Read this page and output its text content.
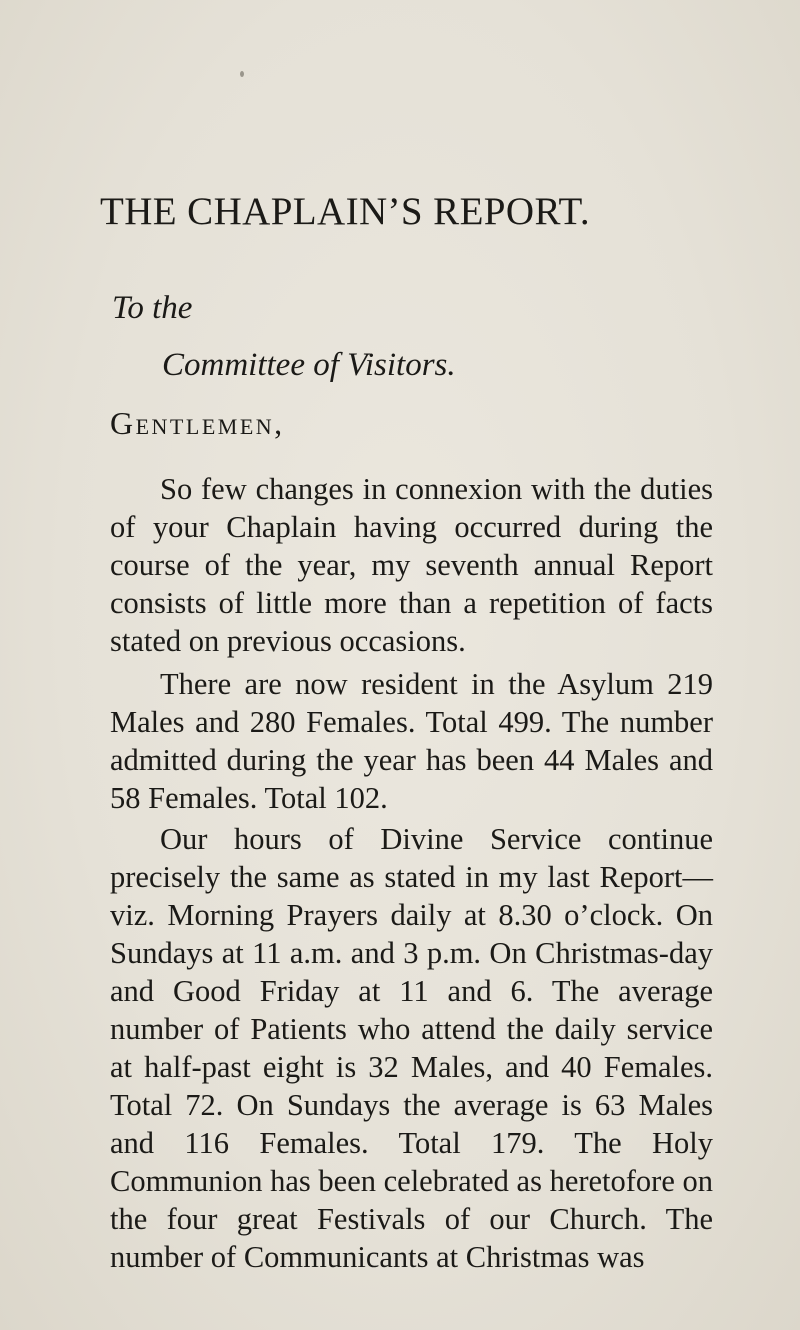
THE CHAPLAIN’S REPORT.
To the
Committee of Visitors.
Gentlemen,

So few changes in connexion with the duties of your Chaplain having occurred during the course of the year, my seventh annual Report consists of little more than a repetition of facts stated on previous occasions.

There are now resident in the Asylum 219 Males and 280 Females. Total 499. The number admitted during the year has been 44 Males and 58 Females. Total 102.

Our hours of Divine Service continue precisely the same as stated in my last Report—viz. Morning Prayers daily at 8.30 o’clock. On Sundays at 11 a.m. and 3 p.m. On Christmas-day and Good Friday at 11 and 6. The average number of Patients who attend the daily service at half-past eight is 32 Males, and 40 Females. Total 72. On Sundays the average is 63 Males and 116 Females. Total 179. The Holy Communion has been celebrated as heretofore on the four great Festivals of our Church. The number of Communicants at Christmas was
